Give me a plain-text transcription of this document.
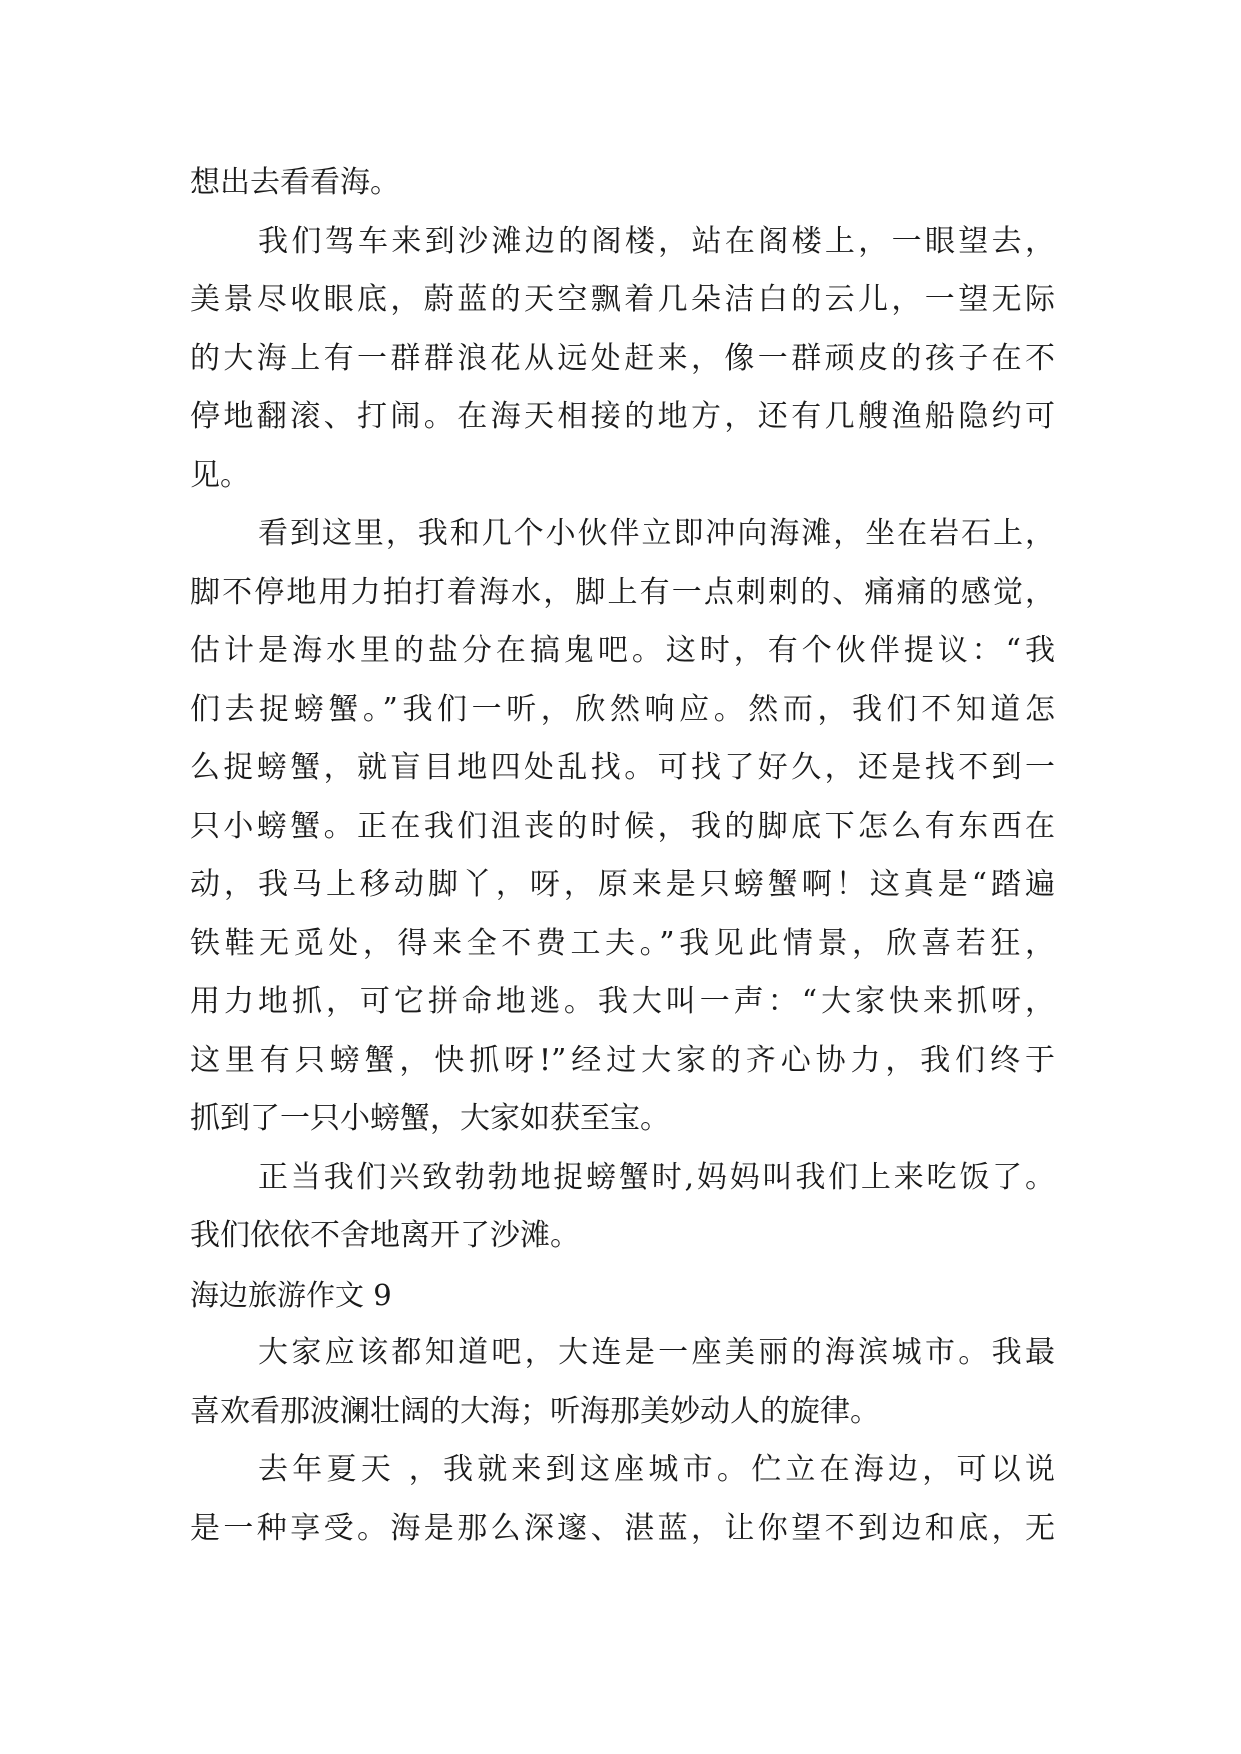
想出去看看海。
我们驾车来到沙滩边的阁楼，站在阁楼上，一眼望去，
美景尽收眼底，蔚蓝的天空飘着几朵洁白的云儿，一望无际
的大海上有一群群浪花从远处赶来，像一群顽皮的孩子在不
停地翻滚、打闹。在海天相接的地方，还有几艘渔船隐约可
见。
看到这里，我和几个小伙伴立即冲向海滩，坐在岩石上，
脚不停地用力拍打着海水，脚上有一点刺刺的、痛痛的感觉，
估计是海水里的盐分在搞鬼吧。这时，有个伙伴提议：“我
们去捉螃蟹。”我们一听，欣然响应。然而，我们不知道怎
么捉螃蟹，就盲目地四处乱找。可找了好久，还是找不到一
只小螃蟹。正在我们沮丧的时候，我的脚底下怎么有东西在
动，我马上移动脚丫，呀，原来是只螃蟹啊！这真是“踏遍
铁鞋无觅处，得来全不费工夫。”我见此情景，欣喜若狂，
用力地抓，可它拼命地逃。我大叫一声：“大家快来抓呀，
这里有只螃蟹，快抓呀!”经过大家的齐心协力，我们终于
抓到了一只小螃蟹，大家如获至宝。
正当我们兴致勃勃地捉螃蟹时,妈妈叫我们上来吃饭了。
我们依依不舍地离开了沙滩。
海边旅游作文 9
大家应该都知道吧，大连是一座美丽的海滨城市。我最
喜欢看那波澜壮阔的大海；听海那美妙动人的旋律。
去年夏天 ，我就来到这座城市。伫立在海边，可以说
是一种享受。海是那么深邃、湛蓝，让你望不到边和底，无
